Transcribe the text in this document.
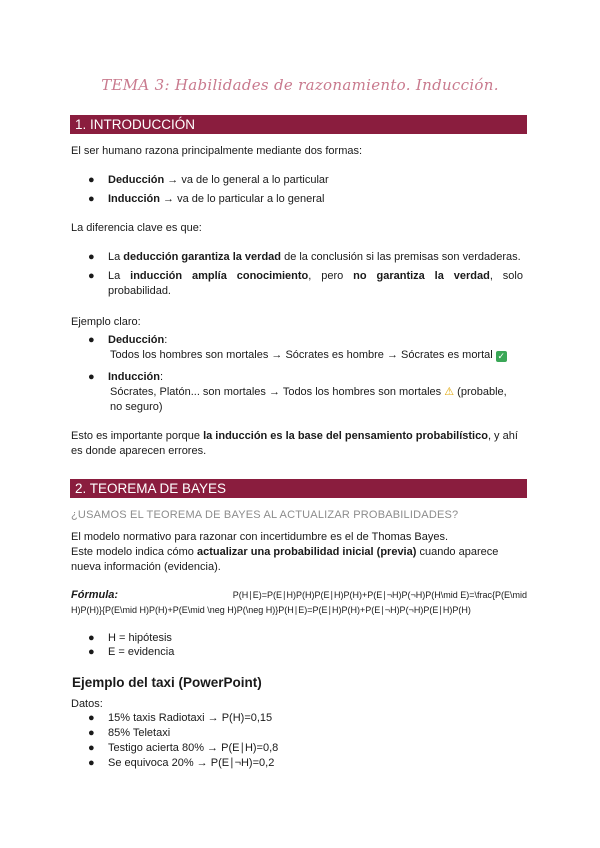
TEMA 3: Habilidades de razonamiento. Inducción.
1. INTRODUCCIÓN
El ser humano razona principalmente mediante dos formas:
● Deducción → va de lo general a lo particular
● Inducción → va de lo particular a lo general
La diferencia clave es que:
● La deducción garantiza la verdad de la conclusión si las premisas son verdaderas.
● La inducción amplía conocimiento, pero no garantiza la verdad, solo probabilidad.
Ejemplo claro:
● Deducción:
Todos los hombres son mortales → Sócrates es hombre → Sócrates es mortal ✓
● Inducción:
Sócrates, Platón... son mortales → Todos los hombres son mortales ⚠ (probable,
no seguro)
Esto es importante porque la inducción es la base del pensamiento probabilístico, y ahí
es donde aparecen errores.
2. TEOREMA DE BAYES
¿USAMOS EL TEOREMA DE BAYES AL ACTUALIZAR PROBABILIDADES?
El modelo normativo para razonar con incertidumbre es el de Thomas Bayes.
Este modelo indica cómo actualizar una probabilidad inicial (previa) cuando aparece
nueva información (evidencia).
Fórmula:	P(H∣E)=P(E∣H)P(H)P(E∣H)P(H)+P(E∣¬H)P(¬H)P(H\mid E)=\frac{P(E\mid
H)P(H)}{P(E\mid H)P(H)+P(E\mid \neg H)P(\neg H)}P(H∣E)=P(E∣H)P(H)+P(E∣¬H)P(¬H)P(E∣H)P(H)
● H = hipótesis
● E = evidencia
Ejemplo del taxi (PowerPoint)
Datos:
● 15% taxis Radiotaxi → P(H)=0,15
● 85% Teletaxi
● Testigo acierta 80% → P(E∣H)=0,8
● Se equivoca 20% → P(E∣¬H)=0,2
